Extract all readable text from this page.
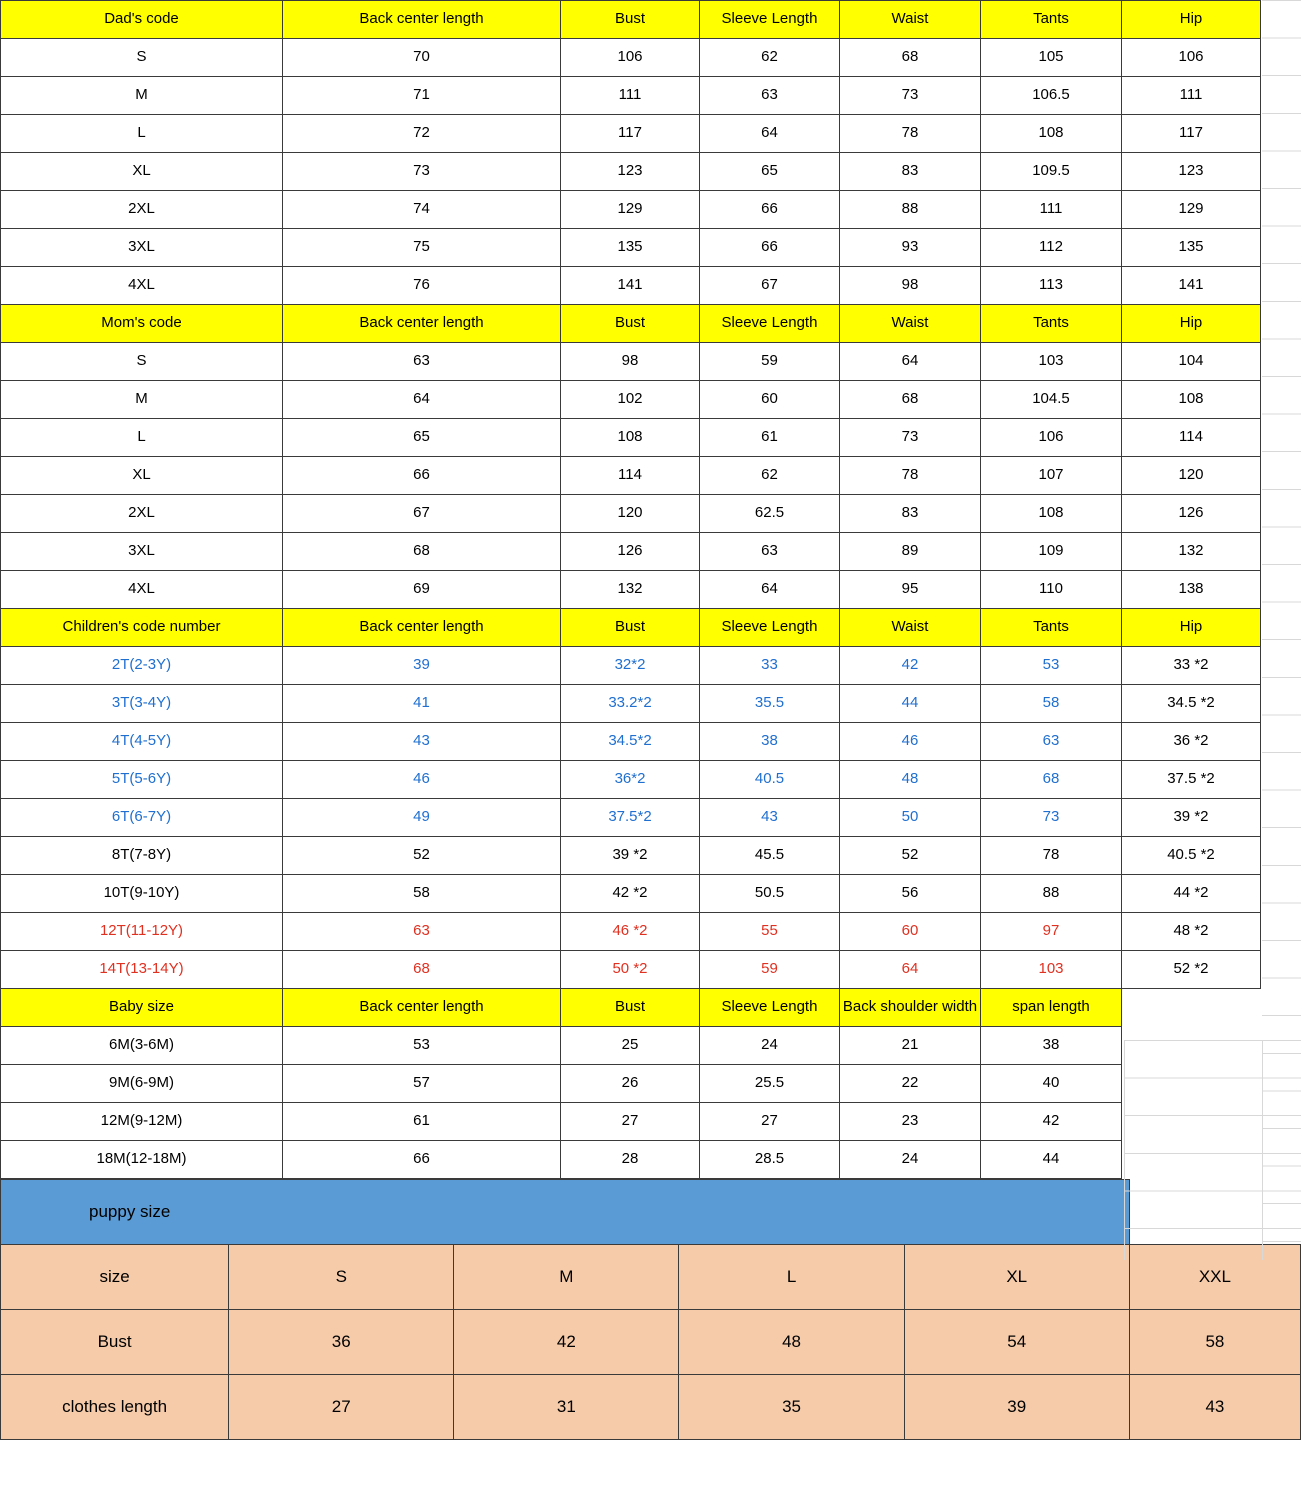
Dad's code	Back center length	Bust	Sleeve Length	Waist	Tants	Hip
S	70	106	62	68	105	106
M	71	111	63	73	106.5	111
L	72	117	64	78	108	117
XL	73	123	65	83	109.5	123
2XL	74	129	66	88	111	129
3XL	75	135	66	93	112	135
4XL	76	141	67	98	113	141
Mom's code	Back center length	Bust	Sleeve Length	Waist	Tants	Hip
S	63	98	59	64	103	104
M	64	102	60	68	104.5	108
L	65	108	61	73	106	114
XL	66	114	62	78	107	120
2XL	67	120	62.5	83	108	126
3XL	68	126	63	89	109	132
4XL	69	132	64	95	110	138
Children's code number	Back center length	Bust	Sleeve Length	Waist	Tants	Hip
2T(2-3Y)	39	32*2	33	42	53	33 *2
3T(3-4Y)	41	33.2*2	35.5	44	58	34.5 *2
4T(4-5Y)	43	34.5*2	38	46	63	36 *2
5T(5-6Y)	46	36*2	40.5	48	68	37.5 *2
6T(6-7Y)	49	37.5*2	43	50	73	39 *2
8T(7-8Y)	52	39 *2	45.5	52	78	40.5 *2
10T(9-10Y)	58	42 *2	50.5	56	88	44 *2
12T(11-12Y)	63	46 *2	55	60	97	48 *2
14T(13-14Y)	68	50 *2	59	64	103	52 *2
Baby size	Back center length	Bust	Sleeve Length	Back shoulder width	span length	
6M(3-6M)	53	25	24	21	38	
9M(6-9M)	57	26	25.5	22	40	
12M(9-12M)	61	27	27	23	42	
18M(12-18M)	66	28	28.5	24	44	
puppy size					
size	S	M	L	XL	XXL
Bust	36	42	48	54	58
clothes length	27	31	35	39	43
